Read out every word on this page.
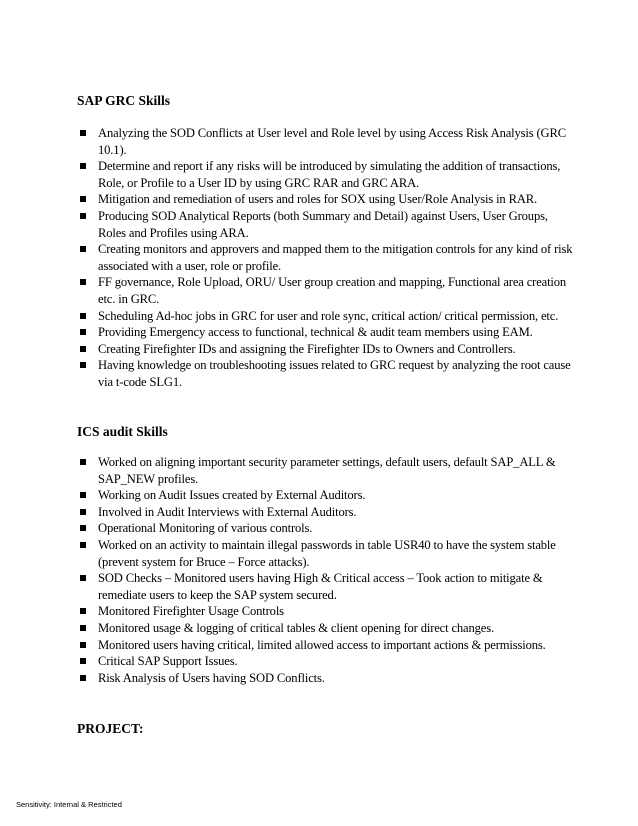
SAP GRC Skills
Analyzing the SOD Conflicts at User level and Role level by using Access Risk Analysis (GRC 10.1).
Determine and report if any risks will be introduced by simulating the addition of transactions, Role, or Profile to a User ID by using GRC RAR and GRC ARA.
Mitigation and remediation of users and roles for SOX using User/Role Analysis in RAR.
Producing SOD Analytical Reports (both Summary and Detail) against Users, User Groups, Roles and Profiles using ARA.
Creating monitors and approvers and mapped them to the mitigation controls for any kind of risk associated with a user, role or profile.
FF governance, Role Upload, ORU/ User group creation and mapping, Functional area creation etc. in GRC.
Scheduling Ad-hoc jobs in GRC for user and role sync, critical action/ critical permission, etc.
Providing Emergency access to functional, technical & audit team members using EAM.
Creating Firefighter IDs and assigning the Firefighter IDs to Owners and Controllers.
Having knowledge on troubleshooting issues related to GRC request by analyzing the root cause via t-code SLG1.
ICS audit Skills
Worked on aligning important security parameter settings, default users, default SAP_ALL & SAP_NEW profiles.
Working on Audit Issues created by External Auditors.
Involved in Audit Interviews with External Auditors.
Operational Monitoring of various controls.
Worked on an activity to maintain illegal passwords in table USR40 to have the system stable (prevent system for Bruce – Force attacks).
SOD Checks – Monitored users having High & Critical access – Took action to mitigate & remediate users to keep the SAP system secured.
Monitored Firefighter Usage Controls
Monitored usage & logging of critical tables & client opening for direct changes.
Monitored users having critical, limited allowed access to important actions & permissions.
Critical SAP Support Issues.
Risk Analysis of Users having SOD Conflicts.
PROJECT:
Sensitivity: Internal & Restricted
